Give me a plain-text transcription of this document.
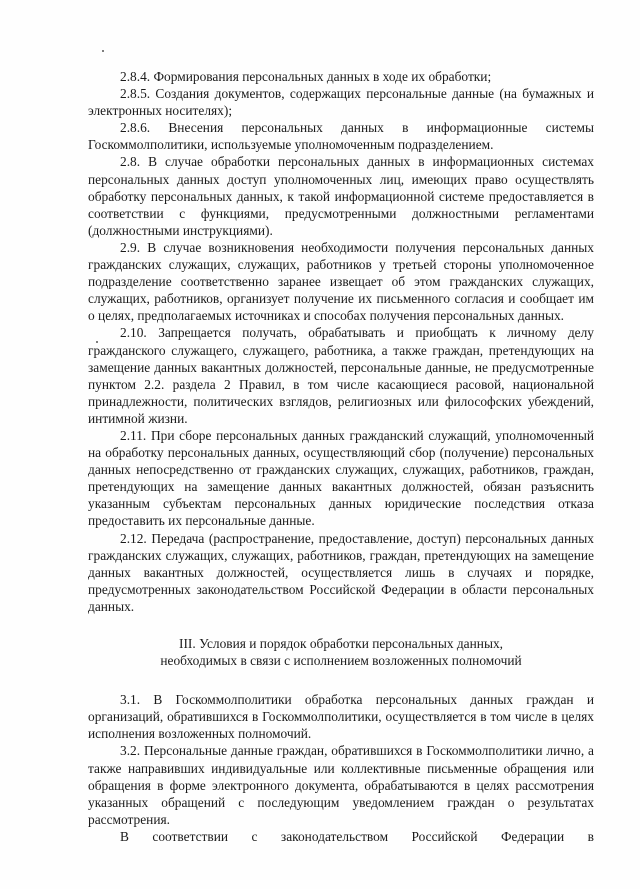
2.8.4. Формирования персональных данных в ходе их обработки;

2.8.5. Создания документов, содержащих персональные данные (на бумажных и электронных носителях);

2.8.6. Внесения персональных данных в информационные системы Госкоммолполитики, используемые уполномоченным подразделением.

2.8. В случае обработки персональных данных в информационных системах персональных данных доступ уполномоченных лиц, имеющих право осуществлять обработку персональных данных, к такой информационной системе предоставляется в соответствии с функциями, предусмотренными должностными регламентами (должностными инструкциями).

2.9. В случае возникновения необходимости получения персональных данных гражданских служащих, служащих, работников у третьей стороны уполномоченное подразделение соответственно заранее извещает об этом гражданских служащих, служащих, работников, организует получение их письменного согласия и сообщает им о целях, предполагаемых источниках и способах получения персональных данных.

2.10. Запрещается получать, обрабатывать и приобщать к личному делу гражданского служащего, служащего, работника, а также граждан, претендующих на замещение данных вакантных должностей, персональные данные, не предусмотренные пунктом 2.2. раздела 2 Правил, в том числе касающиеся расовой, национальной принадлежности, политических взглядов, религиозных или философских убеждений, интимной жизни.

2.11. При сборе персональных данных гражданский служащий, уполномоченный на обработку персональных данных, осуществляющий сбор (получение) персональных данных непосредственно от гражданских служащих, служащих, работников, граждан, претендующих на замещение данных вакантных должностей, обязан разъяснить указанным субъектам персональных данных юридические последствия отказа предоставить их персональные данные.

2.12. Передача (распространение, предоставление, доступ) персональных данных гражданских служащих, служащих, работников, граждан, претендующих на замещение данных вакантных должностей, осуществляется лишь в случаях и порядке, предусмотренных законодательством Российской Федерации в области персональных данных.

III. Условия и порядок обработки персональных данных,
необходимых в связи с исполнением возложенных полномочий

3.1. В Госкоммолполитики обработка персональных данных граждан и организаций, обратившихся в Госкоммолполитики, осуществляется в том числе в целях исполнения возложенных полномочий.

3.2. Персональные данные граждан, обратившихся в Госкоммолполитики лично, а также направивших индивидуальные или коллективные письменные обращения или обращения в форме электронного документа, обрабатываются в целях рассмотрения указанных обращений с последующим уведомлением граждан о результатах рассмотрения.

В соответствии с законодательством Российской Федерации в
